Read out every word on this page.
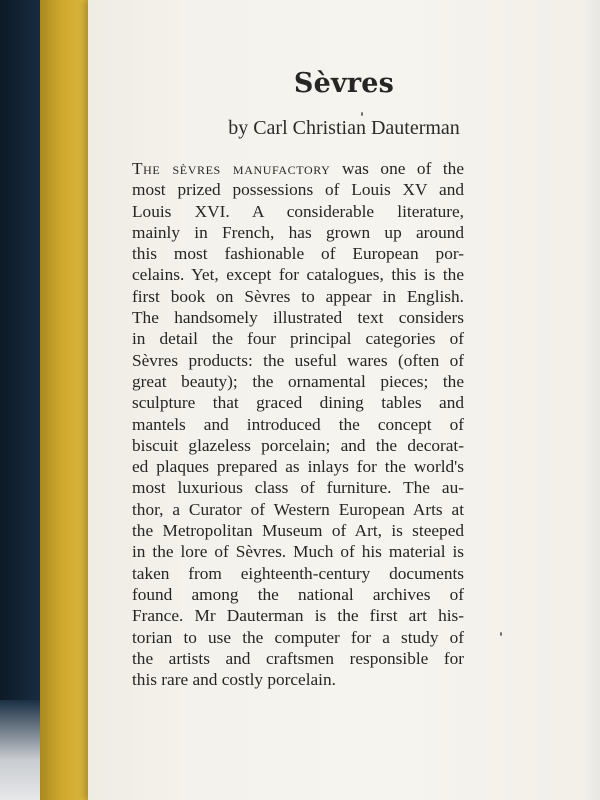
Sèvres

by Carl Christian Dauterman

The sèvres manufactory was one of the
most prized possessions of Louis XV and
Louis XVI. A considerable literature,
mainly in French, has grown up around
this most fashionable of European por-
celains. Yet, except for catalogues, this is the
first book on Sèvres to appear in English.
The handsomely illustrated text considers
in detail the four principal categories of
Sèvres products: the useful wares (often of
great beauty); the ornamental pieces; the
sculpture that graced dining tables and
mantels and introduced the concept of
biscuit glazeless porcelain; and the decorat-
ed plaques prepared as inlays for the world's
most luxurious class of furniture. The au-
thor, a Curator of Western European Arts at
the Metropolitan Museum of Art, is steeped
in the lore of Sèvres. Much of his material is
taken from eighteenth-century documents
found among the national archives of
France. Mr Dauterman is the first art his-
torian to use the computer for a study of
the artists and craftsmen responsible for
this rare and costly porcelain.
